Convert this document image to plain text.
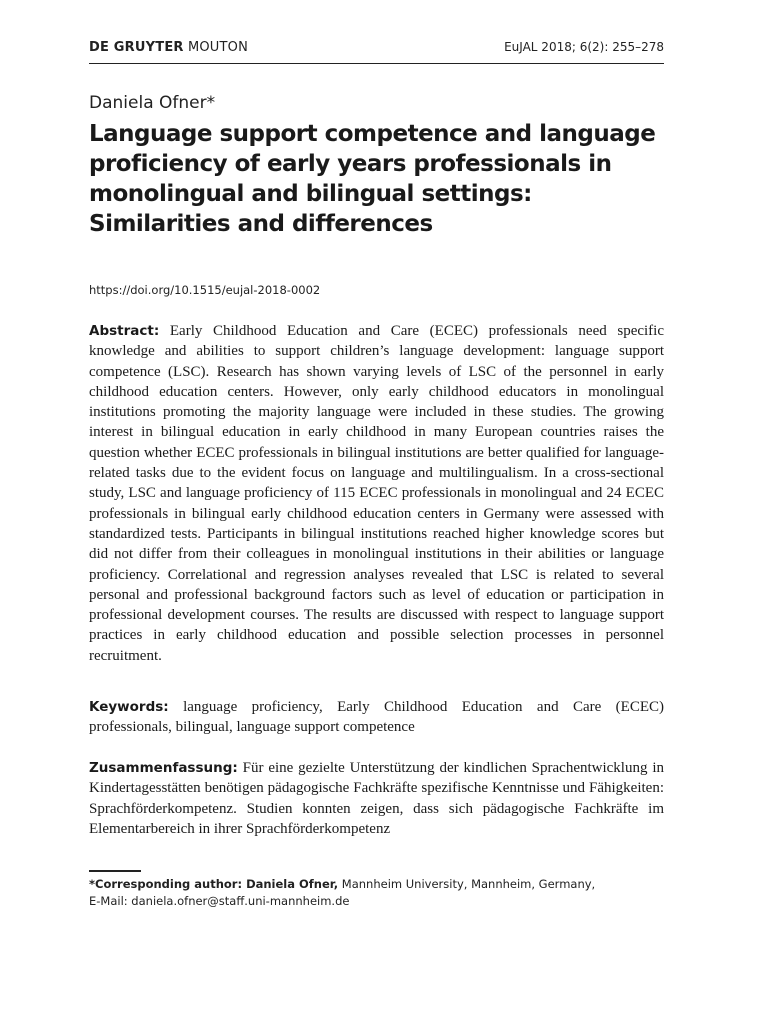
DE GRUYTER MOUTON	EuJAL 2018; 6(2): 255–278
Daniela Ofner*
Language support competence and language
proficiency of early years professionals in
monolingual and bilingual settings:
Similarities and differences
https://doi.org/10.1515/eujal-2018-0002

Abstract: Early Childhood Education and Care (ECEC) professionals need specific knowledge and abilities to support children’s language development: language support competence (LSC). Research has shown varying levels of LSC of the personnel in early childhood education centers. However, only early childhood educators in monolingual institutions promoting the majority language were included in these studies. The growing interest in bilingual education in early childhood in many European countries raises the question whether ECEC professionals in bilingual institutions are better qualified for language-related tasks due to the evident focus on language and multilingualism. In a cross-sectional study, LSC and language proficiency of 115 ECEC professionals in monolingual and 24 ECEC professionals in bilingual early childhood education centers in Germany were assessed with standardized tests. Participants in bilingual institutions reached higher knowledge scores but did not differ from their colleagues in monolingual institutions in their abilities or language proficiency. Correlational and regression analyses revealed that LSC is related to several personal and professional background factors such as level of education or participation in professional development courses. The results are discussed with respect to language support practices in early childhood education and possible selection processes in personnel recruitment.

Keywords: language proficiency, Early Childhood Education and Care (ECEC) professionals, bilingual, language support competence

Zusammenfassung: Für eine gezielte Unterstützung der kindlichen Sprachentwicklung in Kindertagesstätten benötigen pädagogische Fachkräfte spezifische Kenntnisse und Fähigkeiten: Sprachförderkompetenz. Studien konnten zeigen, dass sich pädagogische Fachkräfte im Elementarbereich in ihrer Sprachförderkompetenz

*Corresponding author: Daniela Ofner, Mannheim University, Mannheim, Germany,
E-Mail: daniela.ofner@staff.uni-mannheim.de
